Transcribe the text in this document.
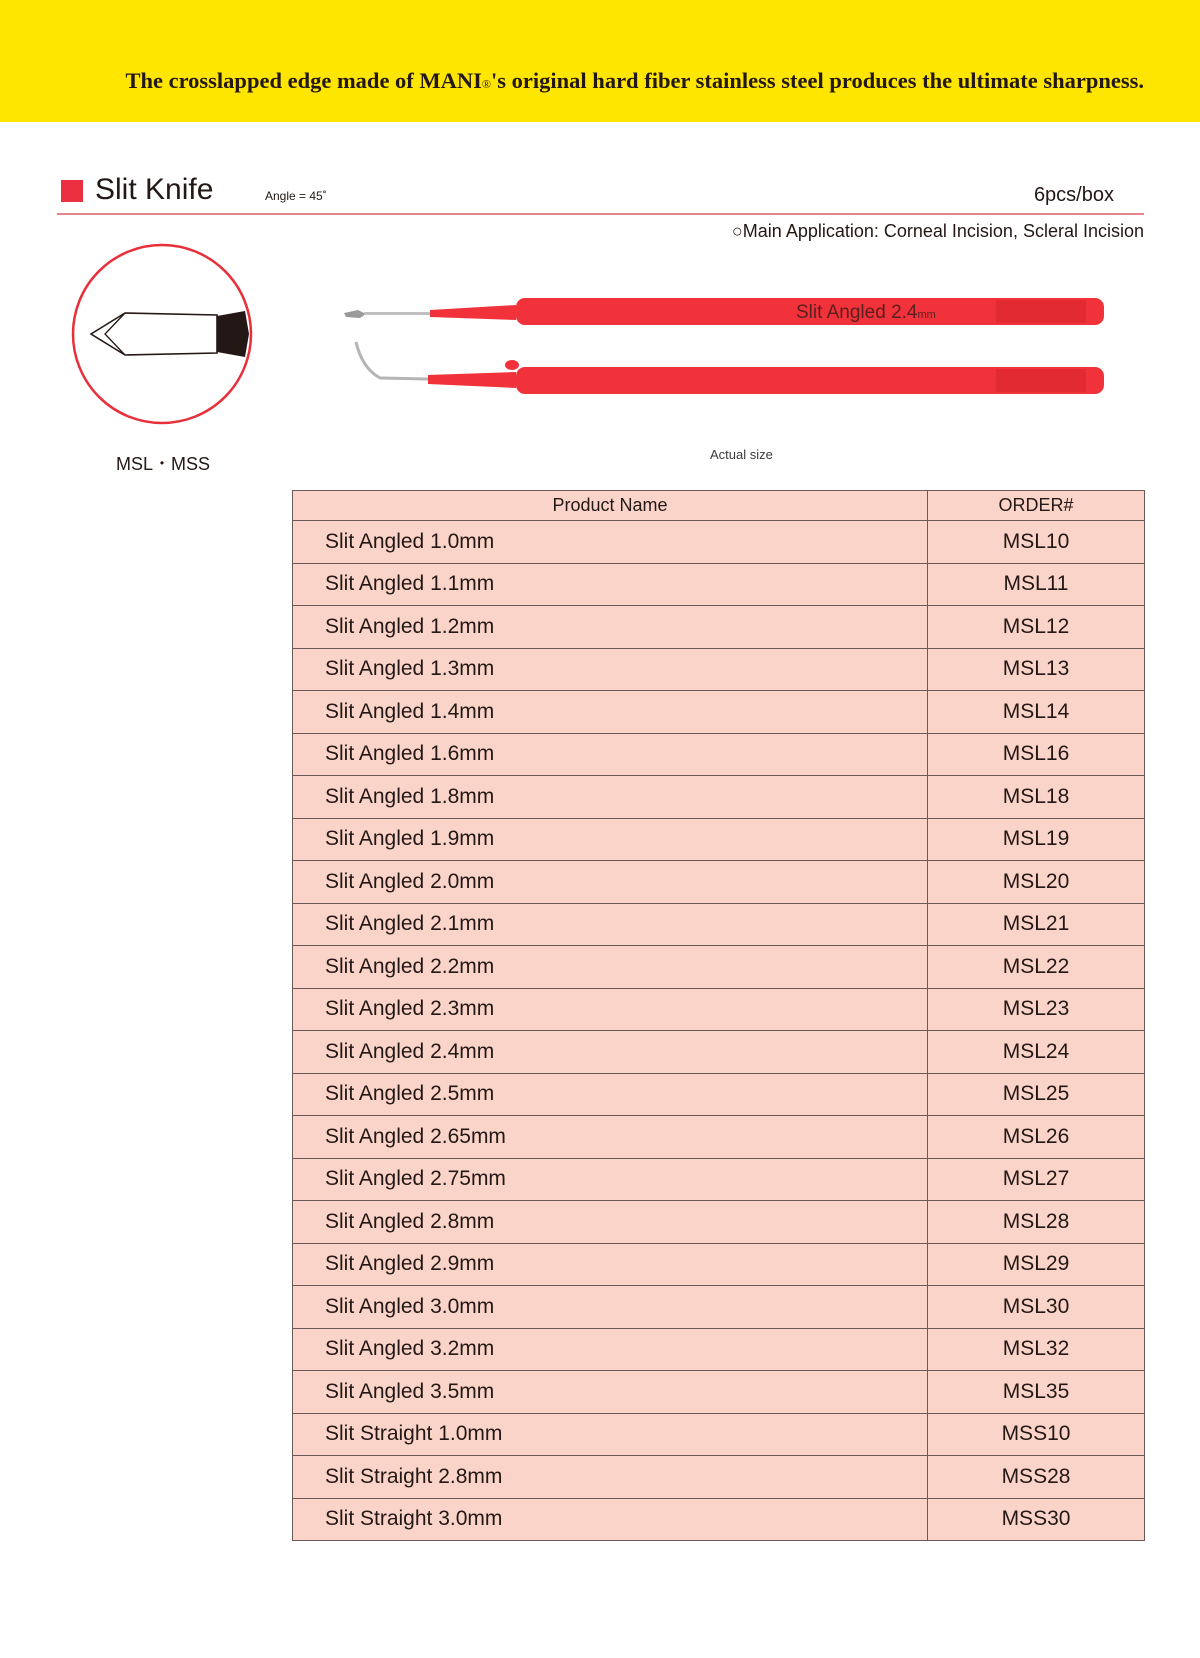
The crosslapped edge made of MANI®'s original hard fiber stainless steel produces the ultimate sharpness.
Slit Knife	Angle = 45˚	6pcs/box
○Main Application: Corneal Incision, Scleral Incision
MSL・MSS
Slit Angled 2.4mm
Actual size
Product Name	ORDER#
Slit Angled 1.0mm	MSL10
Slit Angled 1.1mm	MSL11
Slit Angled 1.2mm	MSL12
Slit Angled 1.3mm	MSL13
Slit Angled 1.4mm	MSL14
Slit Angled 1.6mm	MSL16
Slit Angled 1.8mm	MSL18
Slit Angled 1.9mm	MSL19
Slit Angled 2.0mm	MSL20
Slit Angled 2.1mm	MSL21
Slit Angled 2.2mm	MSL22
Slit Angled 2.3mm	MSL23
Slit Angled 2.4mm	MSL24
Slit Angled 2.5mm	MSL25
Slit Angled 2.65mm	MSL26
Slit Angled 2.75mm	MSL27
Slit Angled 2.8mm	MSL28
Slit Angled 2.9mm	MSL29
Slit Angled 3.0mm	MSL30
Slit Angled 3.2mm	MSL32
Slit Angled 3.5mm	MSL35
Slit Straight 1.0mm	MSS10
Slit Straight 2.8mm	MSS28
Slit Straight 3.0mm	MSS30
